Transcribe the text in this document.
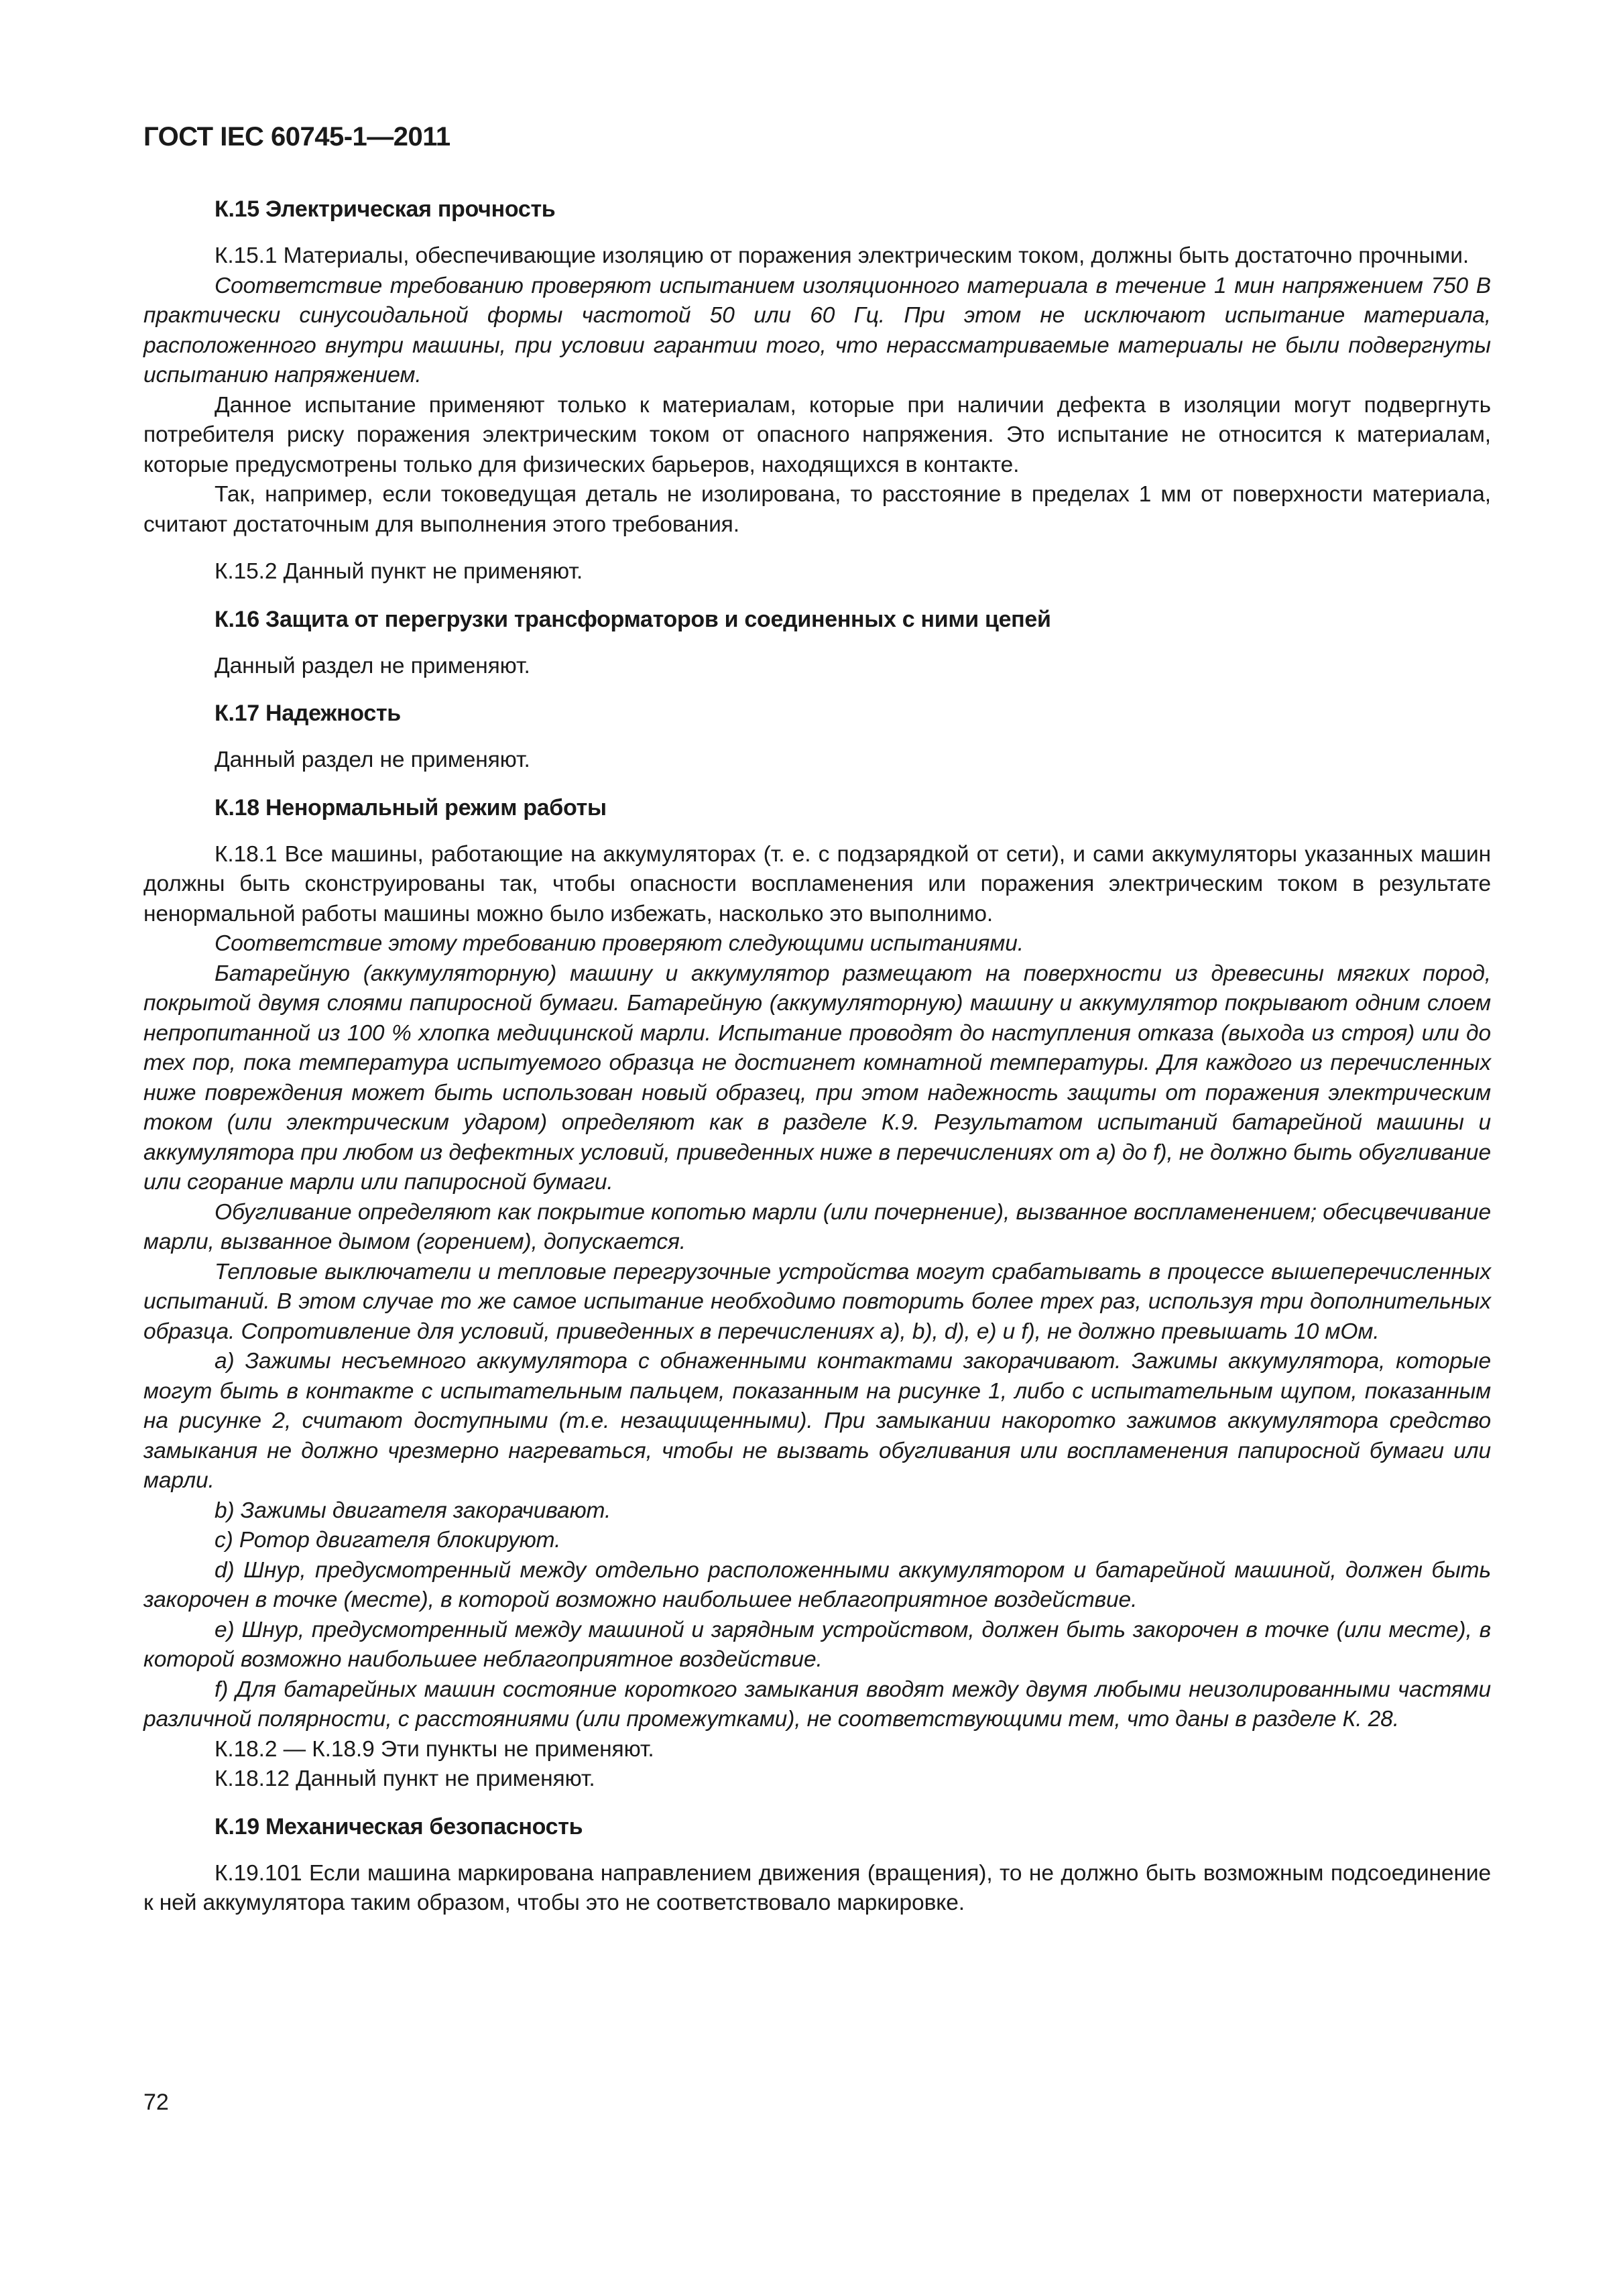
ГОСТ IEC 60745-1—2011
К.15 Электрическая прочность

К.15.1 Материалы, обеспечивающие изоляцию от поражения электрическим током, должны быть достаточно прочными.

Соответствие требованию проверяют испытанием изоляционного материала в течение 1 мин напряжением 750 В практически синусоидальной формы частотой 50 или 60 Гц. При этом не исключают испытание материала, расположенного внутри машины, при условии гарантии того, что нерассматриваемые материалы не были подвергнуты испытанию напряжением.

Данное испытание применяют только к материалам, которые при наличии дефекта в изоляции могут подвергнуть потребителя риску поражения электрическим током от опасного напряжения. Это испытание не относится к материалам, которые предусмотрены только для физических барьеров, находящихся в контакте.

Так, например, если токоведущая деталь не изолирована, то расстояние в пределах 1 мм от поверхности материала, считают достаточным для выполнения этого требования.

К.15.2 Данный пункт не применяют.

К.16 Защита от перегрузки трансформаторов и соединенных с ними цепей

Данный раздел не применяют.

К.17 Надежность

Данный раздел не применяют.

К.18 Ненормальный режим работы

К.18.1 Все машины, работающие на аккумуляторах (т. е. с подзарядкой от сети), и сами аккумуляторы указанных машин должны быть сконструированы так, чтобы опасности воспламенения или поражения электрическим током в результате ненормальной работы машины можно было избежать, насколько это выполнимо.

Соответствие этому требованию проверяют следующими испытаниями.

Батарейную (аккумуляторную) машину и аккумулятор размещают на поверхности из древесины мягких пород, покрытой двумя слоями папиросной бумаги. Батарейную (аккумуляторную) машину и аккумулятор покрывают одним слоем непропитанной из 100 % хлопка медицинской марли. Испытание проводят до наступления отказа (выхода из строя) или до тех пор, пока температура испытуемого образца не достигнет комнатной температуры. Для каждого из перечисленных ниже повреждения может быть использован новый образец, при этом надежность защиты от поражения электрическим током (или электрическим ударом) определяют как в разделе К.9. Результатом испытаний батарейной машины и аккумулятора при любом из дефектных условий, приведенных ниже в перечислениях от а) до f), не должно быть обугливание или сгорание марли или папиросной бумаги.

Обугливание определяют как покрытие копотью марли (или почернение), вызванное воспламенением; обесцвечивание марли, вызванное дымом (горением), допускается.

Тепловые выключатели и тепловые перегрузочные устройства могут срабатывать в процессе вышеперечисленных испытаний. В этом случае то же самое испытание необходимо повторить более трех раз, используя три дополнительных образца. Сопротивление для условий, приведенных в перечислениях а), b), d), е) и f), не должно превышать 10 мОм.

а) Зажимы несъемного аккумулятора с обнаженными контактами закорачивают. Зажимы аккумулятора, которые могут быть в контакте с испытательным пальцем, показанным на рисунке 1, либо с испытательным щупом, показанным на рисунке 2, считают доступными (т.е. незащищенными). При замыкании накоротко зажимов аккумулятора средство замыкания не должно чрезмерно нагреваться, чтобы не вызвать обугливания или воспламенения папиросной бумаги или марли.

b) Зажимы двигателя закорачивают.

с) Ротор двигателя блокируют.

d) Шнур, предусмотренный между отдельно расположенными аккумулятором и батарейной машиной, должен быть закорочен в точке (месте), в которой возможно наибольшее неблагоприятное воздействие.

е) Шнур, предусмотренный между машиной и зарядным устройством, должен быть закорочен в точке (или месте), в которой возможно наибольшее неблагоприятное воздействие.

f) Для батарейных машин состояние короткого замыкания вводят между двумя любыми неизолированными частями различной полярности, с расстояниями (или промежутками), не соответствующими тем, что даны в разделе К. 28.

К.18.2 — К.18.9 Эти пункты не применяют.

К.18.12 Данный пункт не применяют.

К.19 Механическая безопасность

К.19.101 Если машина маркирована направлением движения (вращения), то не должно быть возможным подсоединение к ней аккумулятора таким образом, чтобы это не соответствовало маркировке.

72
